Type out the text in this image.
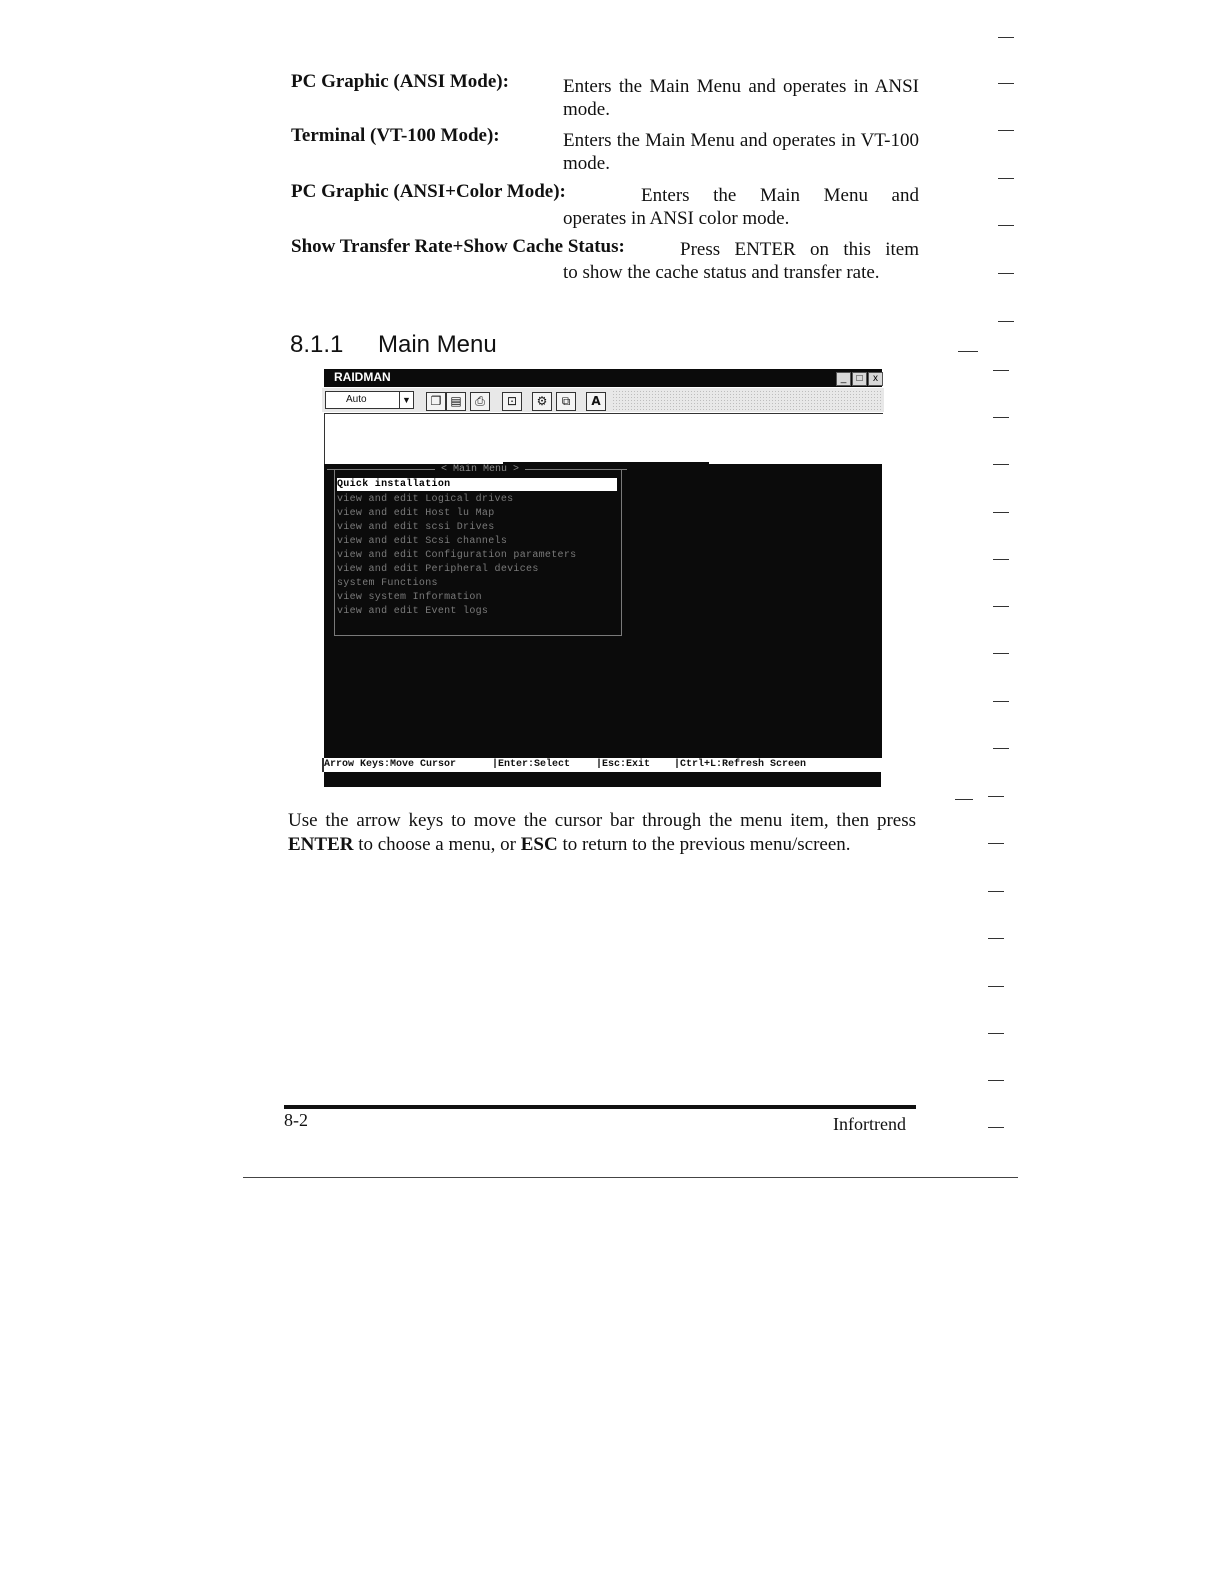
PC Graphic (ANSI Mode):	Enters the Main Menu and operates in ANSI mode.
Terminal (VT-100 Mode):	Enters the Main Menu and operates in VT-100 mode.
PC Graphic (ANSI+Color Mode):	Enters the Main Menu and
operates in ANSI color mode.
Show Transfer Rate+Show Cache Status:	Press ENTER on this item
to show the cache status and transfer rate.
8.1.1 Main Menu
RAIDMAN	_	□	x
Auto	▼	❐ ▤	⎙	⊡	⚙	⧉	A
< Main Menu >
Quick installation
view and edit Logical drives
view and edit Host lu Map
view and edit scsi Drives
view and edit Scsi channels
view and edit Configuration parameters
view and edit Peripheral devices
system Functions
view system Information
view and edit Event logs
Arrow Keys:Move Cursor	|Enter:Select	|Esc:Exit |Ctrl+L:Refresh Screen
Use the arrow keys to move the cursor bar through the menu item, then press ENTER to choose a menu, or ESC to return to the previous menu/screen.
8-2	Infortrend
